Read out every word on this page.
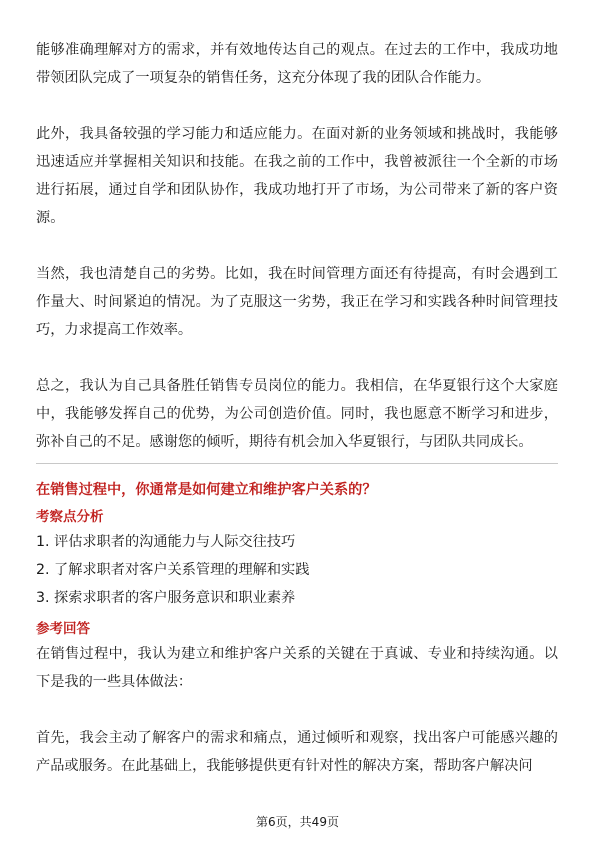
能够准确理解对方的需求，并有效地传达自己的观点。在过去的工作中，我成功地带领团队完成了一项复杂的销售任务，这充分体现了我的团队合作能力。

此外，我具备较强的学习能力和适应能力。在面对新的业务领域和挑战时，我能够迅速适应并掌握相关知识和技能。在我之前的工作中，我曾被派往一个全新的市场进行拓展，通过自学和团队协作，我成功地打开了市场，为公司带来了新的客户资源。

当然，我也清楚自己的劣势。比如，我在时间管理方面还有待提高，有时会遇到工作量大、时间紧迫的情况。为了克服这一劣势，我正在学习和实践各种时间管理技巧，力求提高工作效率。

总之，我认为自己具备胜任销售专员岗位的能力。我相信，在华夏银行这个大家庭中，我能够发挥自己的优势，为公司创造价值。同时，我也愿意不断学习和进步，弥补自己的不足。感谢您的倾听，期待有机会加入华夏银行，与团队共同成长。

在销售过程中，你通常是如何建立和维护客户关系的？

考察点分析

1. 评估求职者的沟通能力与人际交往技巧

2. 了解求职者对客户关系管理的理解和实践

3. 探索求职者的客户服务意识和职业素养

参考回答

在销售过程中，我认为建立和维护客户关系的关键在于真诚、专业和持续沟通。以下是我的一些具体做法：

首先，我会主动了解客户的需求和痛点，通过倾听和观察，找出客户可能感兴趣的产品或服务。在此基础上，我能够提供更有针对性的解决方案，帮助客户解决问

第6页，共49页
